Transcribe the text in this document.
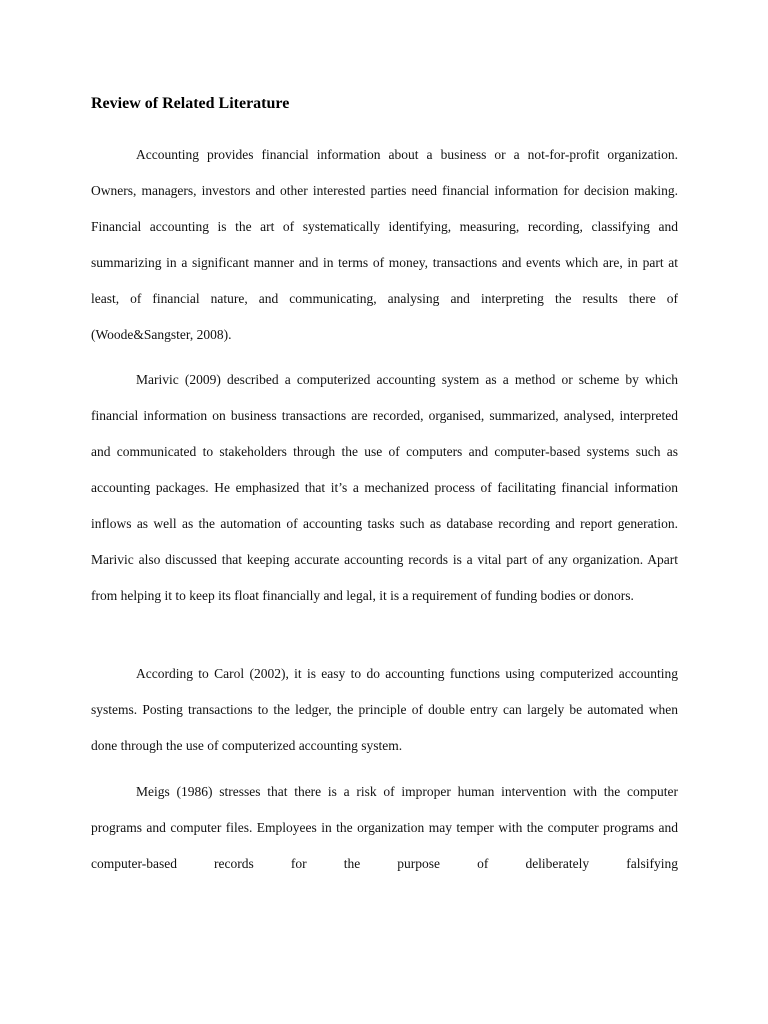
Review of Related Literature

Accounting provides financial information about a business or a not-for-profit organization. Owners, managers, investors and other interested parties need financial information for decision making. Financial accounting is the art of systematically identifying, measuring, recording, classifying and summarizing in a significant manner and in terms of money, transactions and events which are, in part at least, of financial nature, and communicating, analysing and interpreting the results there of (Woode&Sangster, 2008).

Marivic (2009) described a computerized accounting system as a method or scheme by which financial information on business transactions are recorded, organised, summarized, analysed, interpreted and communicated to stakeholders through the use of computers and computer-based systems such as accounting packages. He emphasized that it’s a mechanized process of facilitating financial information inflows as well as the automation of accounting tasks such as database recording and report generation. Marivic also discussed that keeping accurate accounting records is a vital part of any organization. Apart from helping it to keep its float financially and legal, it is a requirement of funding bodies or donors.

According to Carol (2002), it is easy to do accounting functions using computerized accounting systems. Posting transactions to the ledger, the principle of double entry can largely be automated when done through the use of computerized accounting system.

Meigs (1986) stresses that there is a risk of improper human intervention with the computer programs and computer files. Employees in the organization may temper with the computer programs and computer-based records for the purpose of deliberately falsifying
